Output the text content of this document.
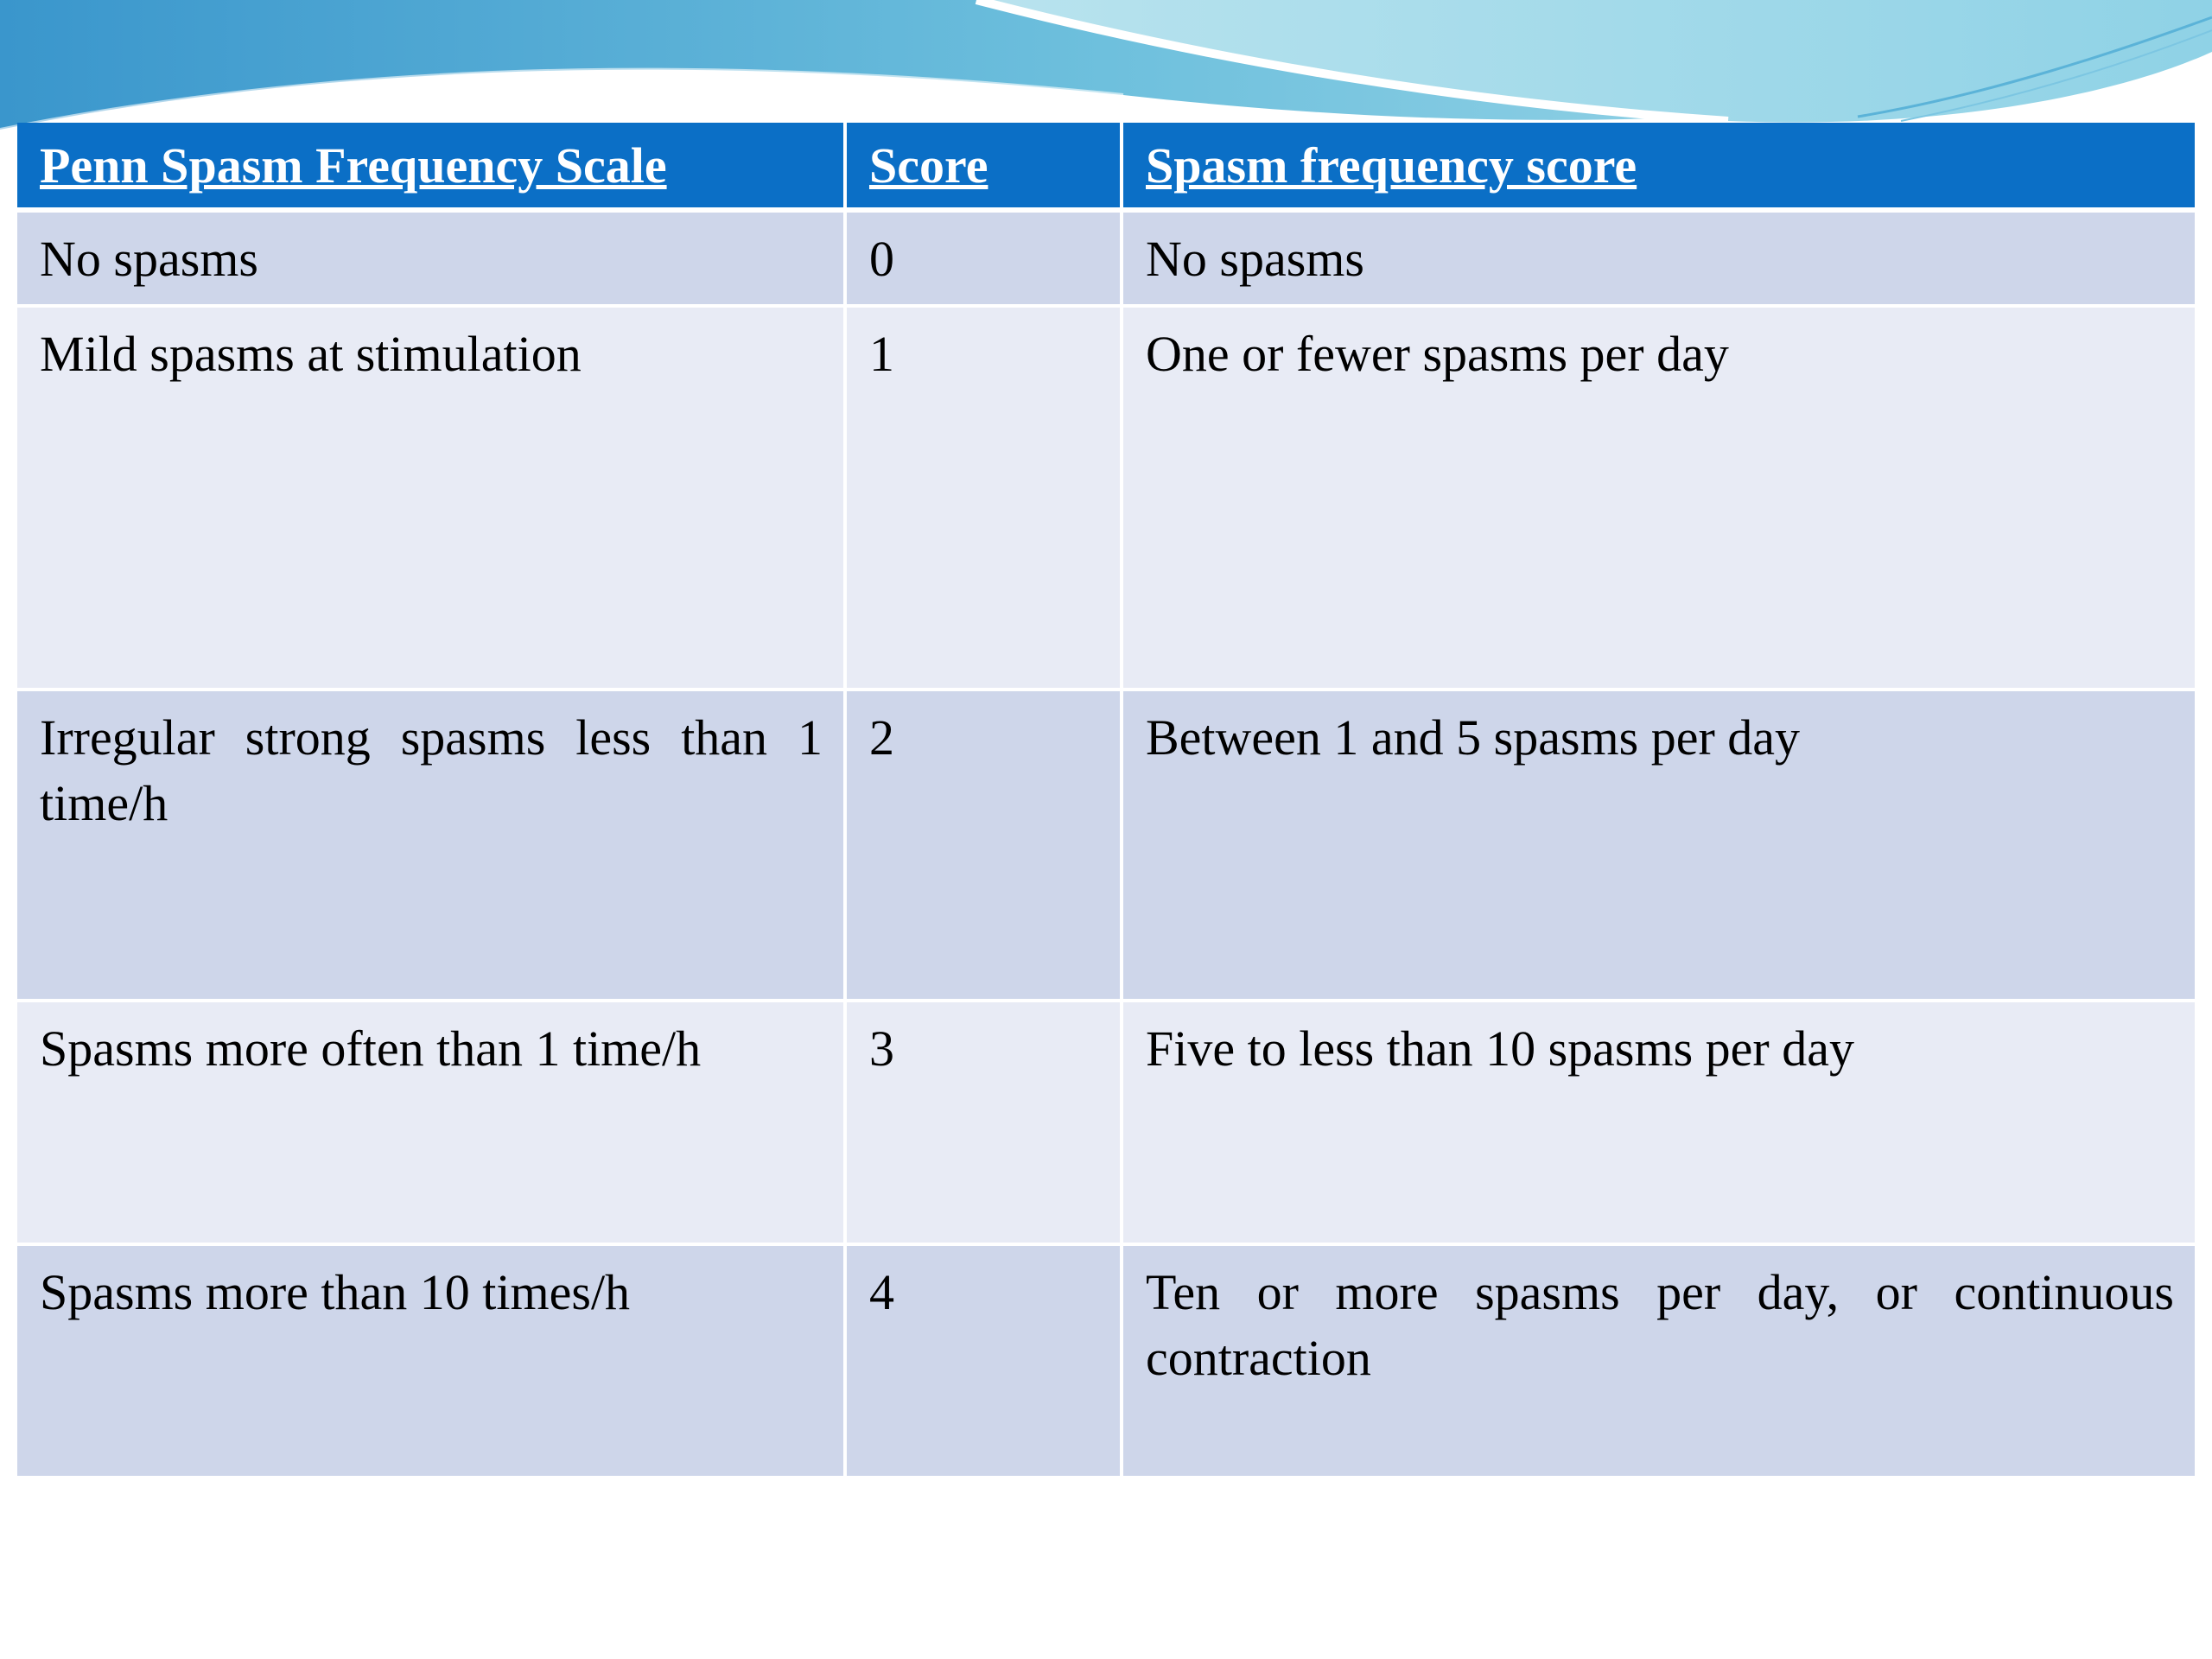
Penn Spasm Frequency Scale	Score	Spasm frequency score
No spasms	0	No spasms
Mild spasms at stimulation	1	One or fewer spasms per day
Irregular strong spasms less than 1 time/h	2	Between 1 and 5 spasms per day
Spasms more often than 1 time/h	3	Five to less than 10 spasms per day
Spasms more than 10 times/h	4	Ten or more spasms per day, or continuous contraction
